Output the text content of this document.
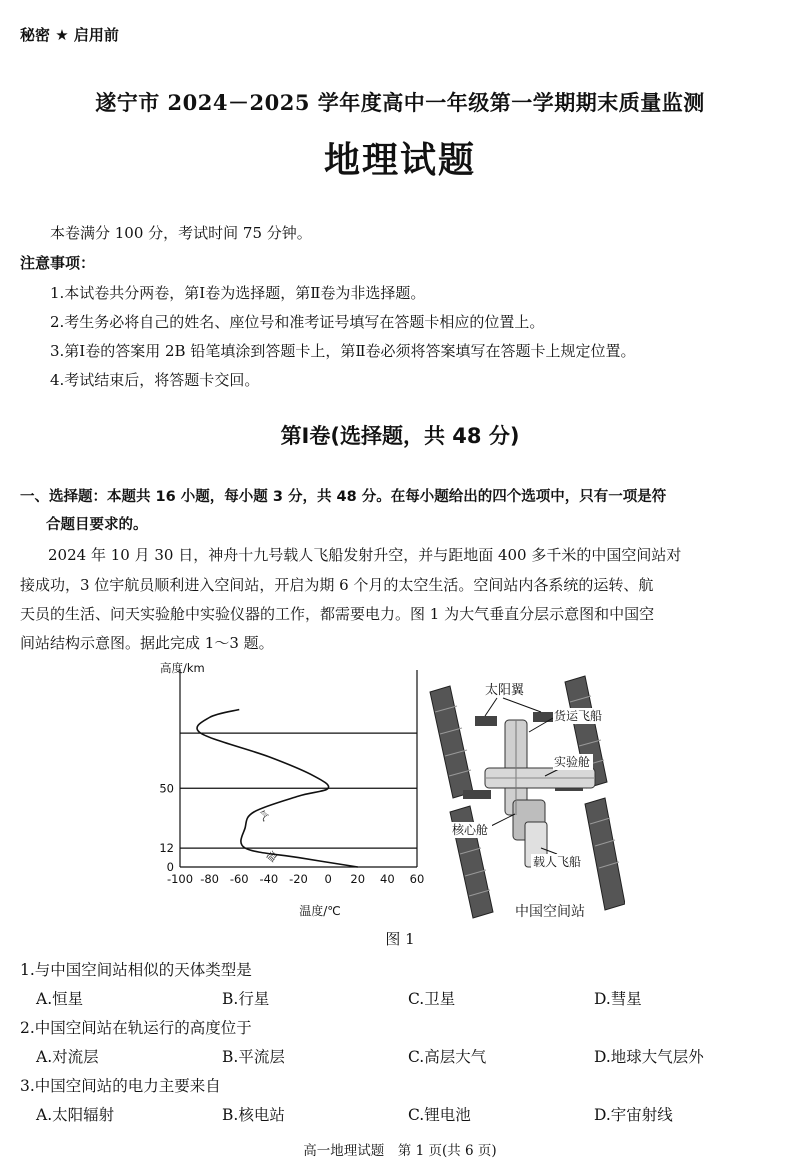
秘密 ★ 启用前
遂宁市 2024－2025 学年度高中一年级第一学期期末质量监测
地理试题
本卷满分 100 分，考试时间 75 分钟。
注意事项：
1.本试卷共分两卷，第Ⅰ卷为选择题，第Ⅱ卷为非选择题。
2.考生务必将自己的姓名、座位号和准考证号填写在答题卡相应的位置上。
3.第Ⅰ卷的答案用 2B 铅笔填涂到答题卡上，第Ⅱ卷必须将答案填写在答题卡上规定位置。
4.考试结束后，将答题卡交回。
第Ⅰ卷(选择题，共 48 分)
一、选择题：本题共 16 小题，每小题 3 分，共 48 分。在每小题给出的四个选项中，只有一项是符
合题目要求的。
2024 年 10 月 30 日，神舟十九号载人飞船发射升空，并与距地面 400 多千米的中国空间站对
接成功，3 位宇航员顺利进入空间站，开启为期 6 个月的太空生活。空间站内各系统的运转、航
天员的生活、问天实验舱中实验仪器的工作，都需要电力。图 1 为大气垂直分层示意图和中国空
间站结构示意图。据此完成 1～3 题。
-100 -80 -60 -40 -20 0 20 40 60
0
12
50
高度/km
温度/℃
气
温
太阳翼
货运飞船
实验舱
核心舱
载人飞船
中国空间站
图 1
1.与中国空间站相似的天体类型是
A.恒星	B.行星	C.卫星	D.彗星
2.中国空间站在轨运行的高度位于
A.对流层	B.平流层	C.高层大气	D.地球大气层外
3.中国空间站的电力主要来自
A.太阳辐射	B.核电站	C.锂电池	D.宇宙射线
高一地理试题　第 1 页(共 6 页)
